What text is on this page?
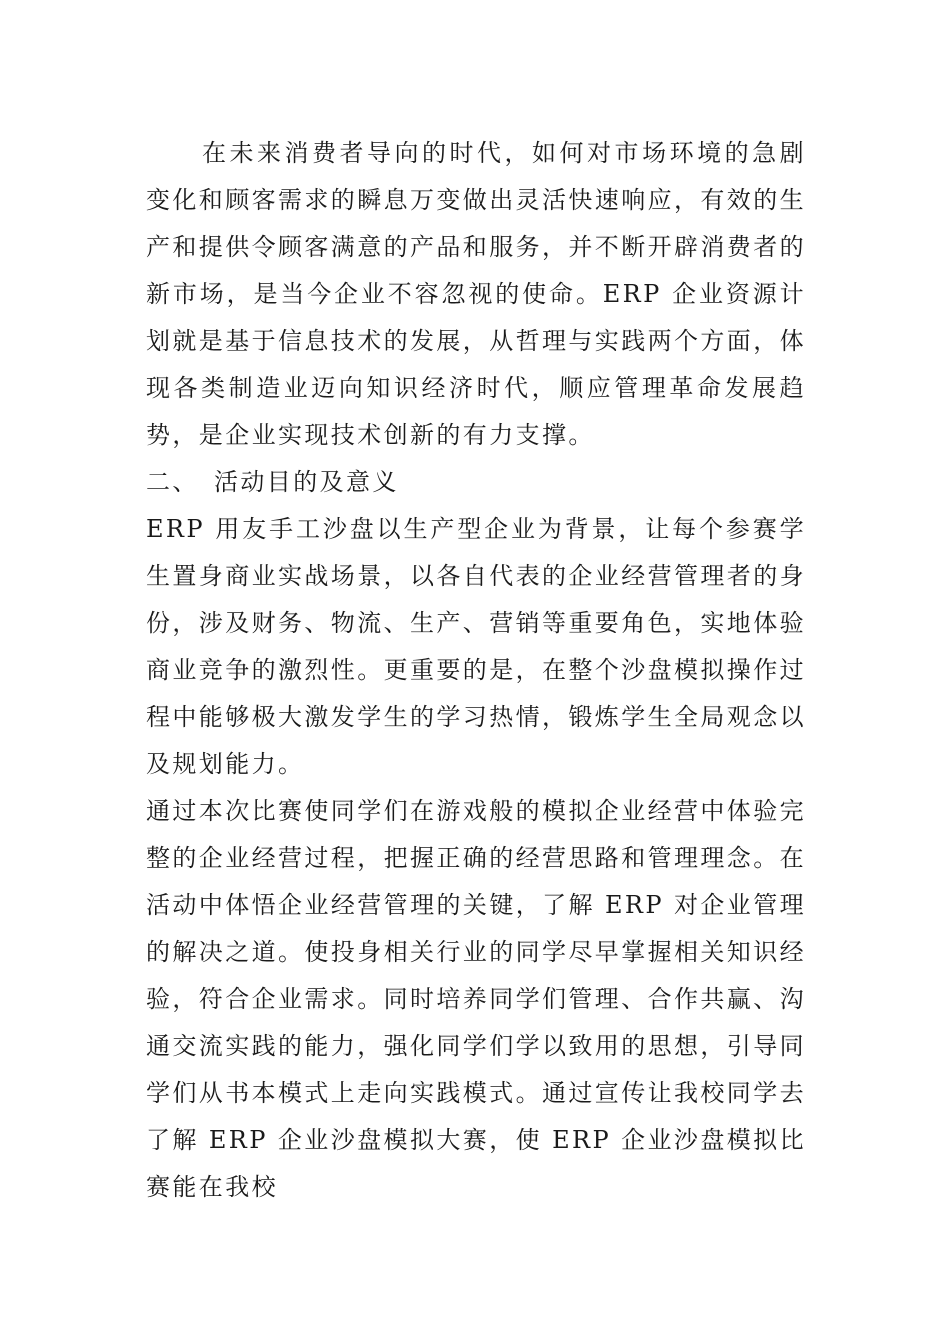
在未来消费者导向的时代，如何对市场环境的急剧变化和顾客需求的瞬息万变做出灵活快速响应，有效的生产和提供令顾客满意的产品和服务，并不断开辟消费者的新市场，是当今企业不容忽视的使命。ERP 企业资源计划就是基于信息技术的发展，从哲理与实践两个方面，体现各类制造业迈向知识经济时代，顺应管理革命发展趋势，是企业实现技术创新的有力支撑。

二、 活动目的及意义

ERP 用友手工沙盘以生产型企业为背景，让每个参赛学生置身商业实战场景，以各自代表的企业经营管理者的身份，涉及财务、物流、生产、营销等重要角色，实地体验商业竞争的激烈性。更重要的是，在整个沙盘模拟操作过程中能够极大激发学生的学习热情，锻炼学生全局观念以及规划能力。

通过本次比赛使同学们在游戏般的模拟企业经营中体验完整的企业经营过程，把握正确的经营思路和管理理念。在活动中体悟企业经营管理的关键，了解 ERP 对企业管理的解决之道。使投身相关行业的同学尽早掌握相关知识经验，符合企业需求。同时培养同学们管理、合作共赢、沟通交流实践的能力，强化同学们学以致用的思想，引导同学们从书本模式上走向实践模式。通过宣传让我校同学去了解 ERP 企业沙盘模拟大赛，使 ERP 企业沙盘模拟比赛能在我校
